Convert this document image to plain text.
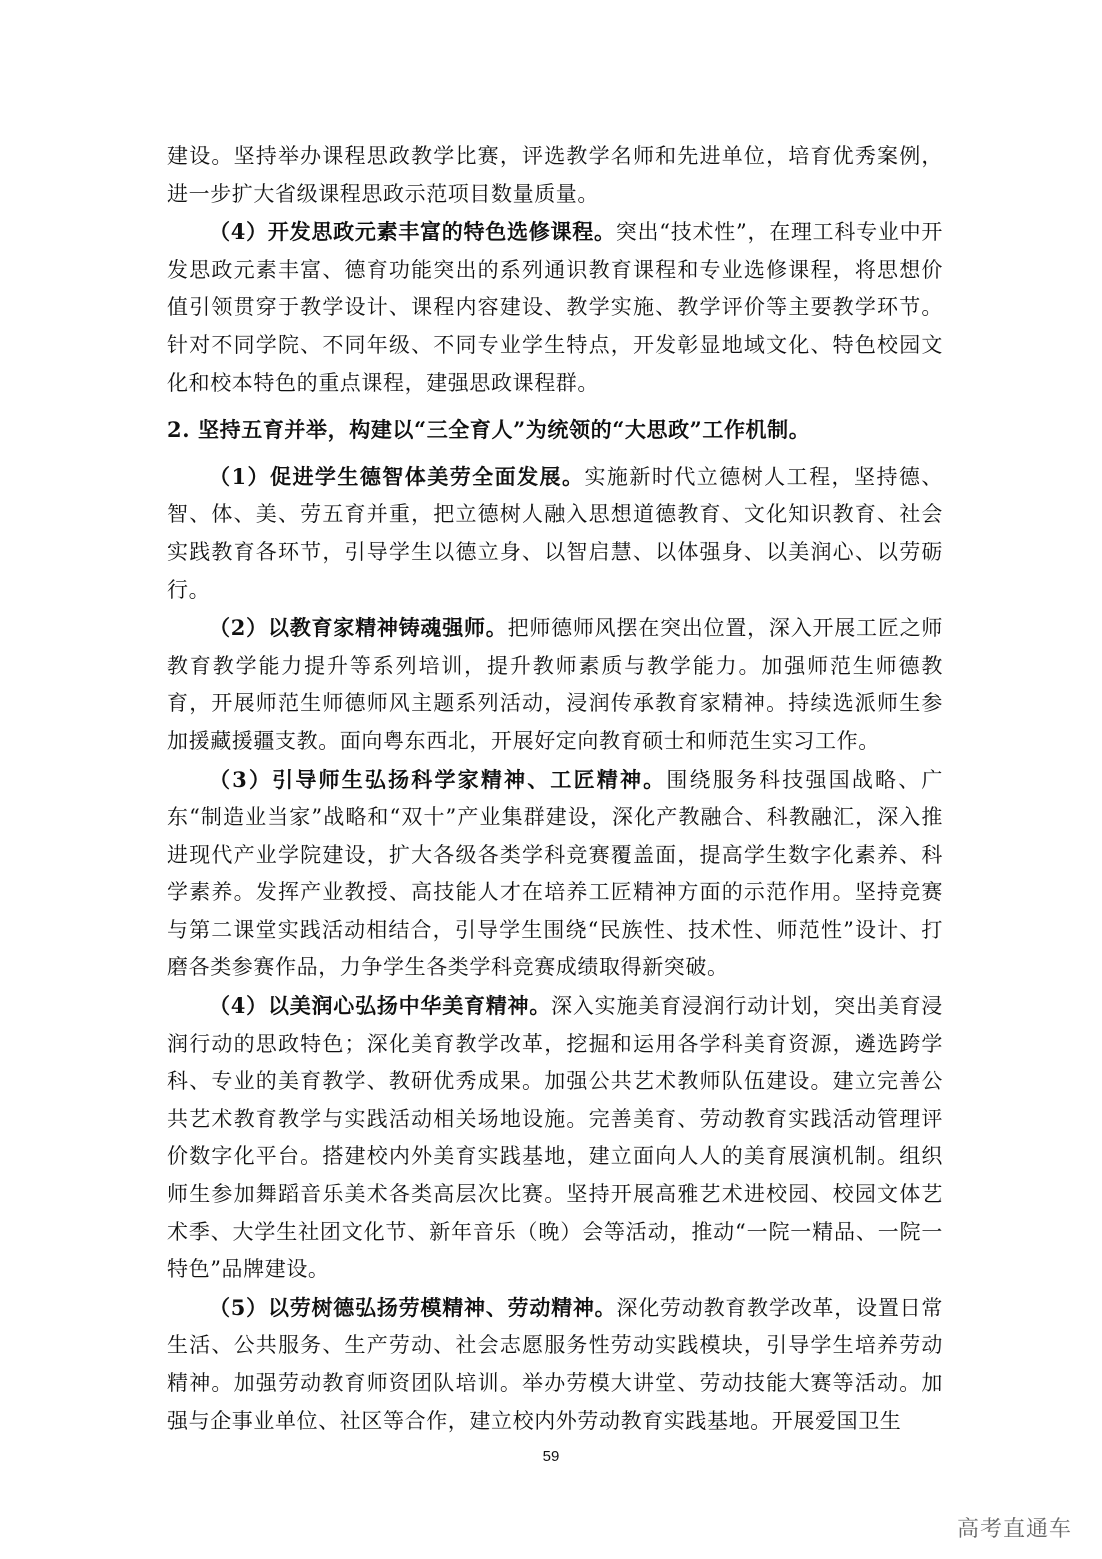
建设。坚持举办课程思政教学比赛，评选教学名师和先进单位，培育优秀案例，进一步扩大省级课程思政示范项目数量质量。

（4）开发思政元素丰富的特色选修课程。突出“技术性”，在理工科专业中开发思政元素丰富、德育功能突出的系列通识教育课程和专业选修课程，将思想价值引领贯穿于教学设计、课程内容建设、教学实施、教学评价等主要教学环节。针对不同学院、不同年级、不同专业学生特点，开发彰显地域文化、特色校园文化和校本特色的重点课程，建强思政课程群。

2. 坚持五育并举，构建以“三全育人”为统领的“大思政”工作机制。

（1）促进学生德智体美劳全面发展。实施新时代立德树人工程，坚持德、智、体、美、劳五育并重，把立德树人融入思想道德教育、文化知识教育、社会实践教育各环节，引导学生以德立身、以智启慧、以体强身、以美润心、以劳砺行。

（2）以教育家精神铸魂强师。把师德师风摆在突出位置，深入开展工匠之师教育教学能力提升等系列培训，提升教师素质与教学能力。加强师范生师德教育，开展师范生师德师风主题系列活动，浸润传承教育家精神。持续选派师生参加援藏援疆支教。面向粤东西北，开展好定向教育硕士和师范生实习工作。

（3）引导师生弘扬科学家精神、工匠精神。围绕服务科技强国战略、广东“制造业当家”战略和“双十”产业集群建设，深化产教融合、科教融汇，深入推进现代产业学院建设，扩大各级各类学科竞赛覆盖面，提高学生数字化素养、科学素养。发挥产业教授、高技能人才在培养工匠精神方面的示范作用。坚持竞赛与第二课堂实践活动相结合，引导学生围绕“民族性、技术性、师范性”设计、打磨各类参赛作品，力争学生各类学科竞赛成绩取得新突破。

（4）以美润心弘扬中华美育精神。深入实施美育浸润行动计划，突出美育浸润行动的思政特色；深化美育教学改革，挖掘和运用各学科美育资源，遴选跨学科、专业的美育教学、教研优秀成果。加强公共艺术教师队伍建设。建立完善公共艺术教育教学与实践活动相关场地设施。完善美育、劳动教育实践活动管理评价数字化平台。搭建校内外美育实践基地，建立面向人人的美育展演机制。组织师生参加舞蹈音乐美术各类高层次比赛。坚持开展高雅艺术进校园、校园文体艺术季、大学生社团文化节、新年音乐（晚）会等活动，推动“一院一精品、一院一特色”品牌建设。

（5）以劳树德弘扬劳模精神、劳动精神。深化劳动教育教学改革，设置日常生活、公共服务、生产劳动、社会志愿服务性劳动实践模块，引导学生培养劳动精神。加强劳动教育师资团队培训。举办劳模大讲堂、劳动技能大赛等活动。加强与企事业单位、社区等合作，建立校内外劳动教育实践基地。开展爱国卫生

59
高考直通车
